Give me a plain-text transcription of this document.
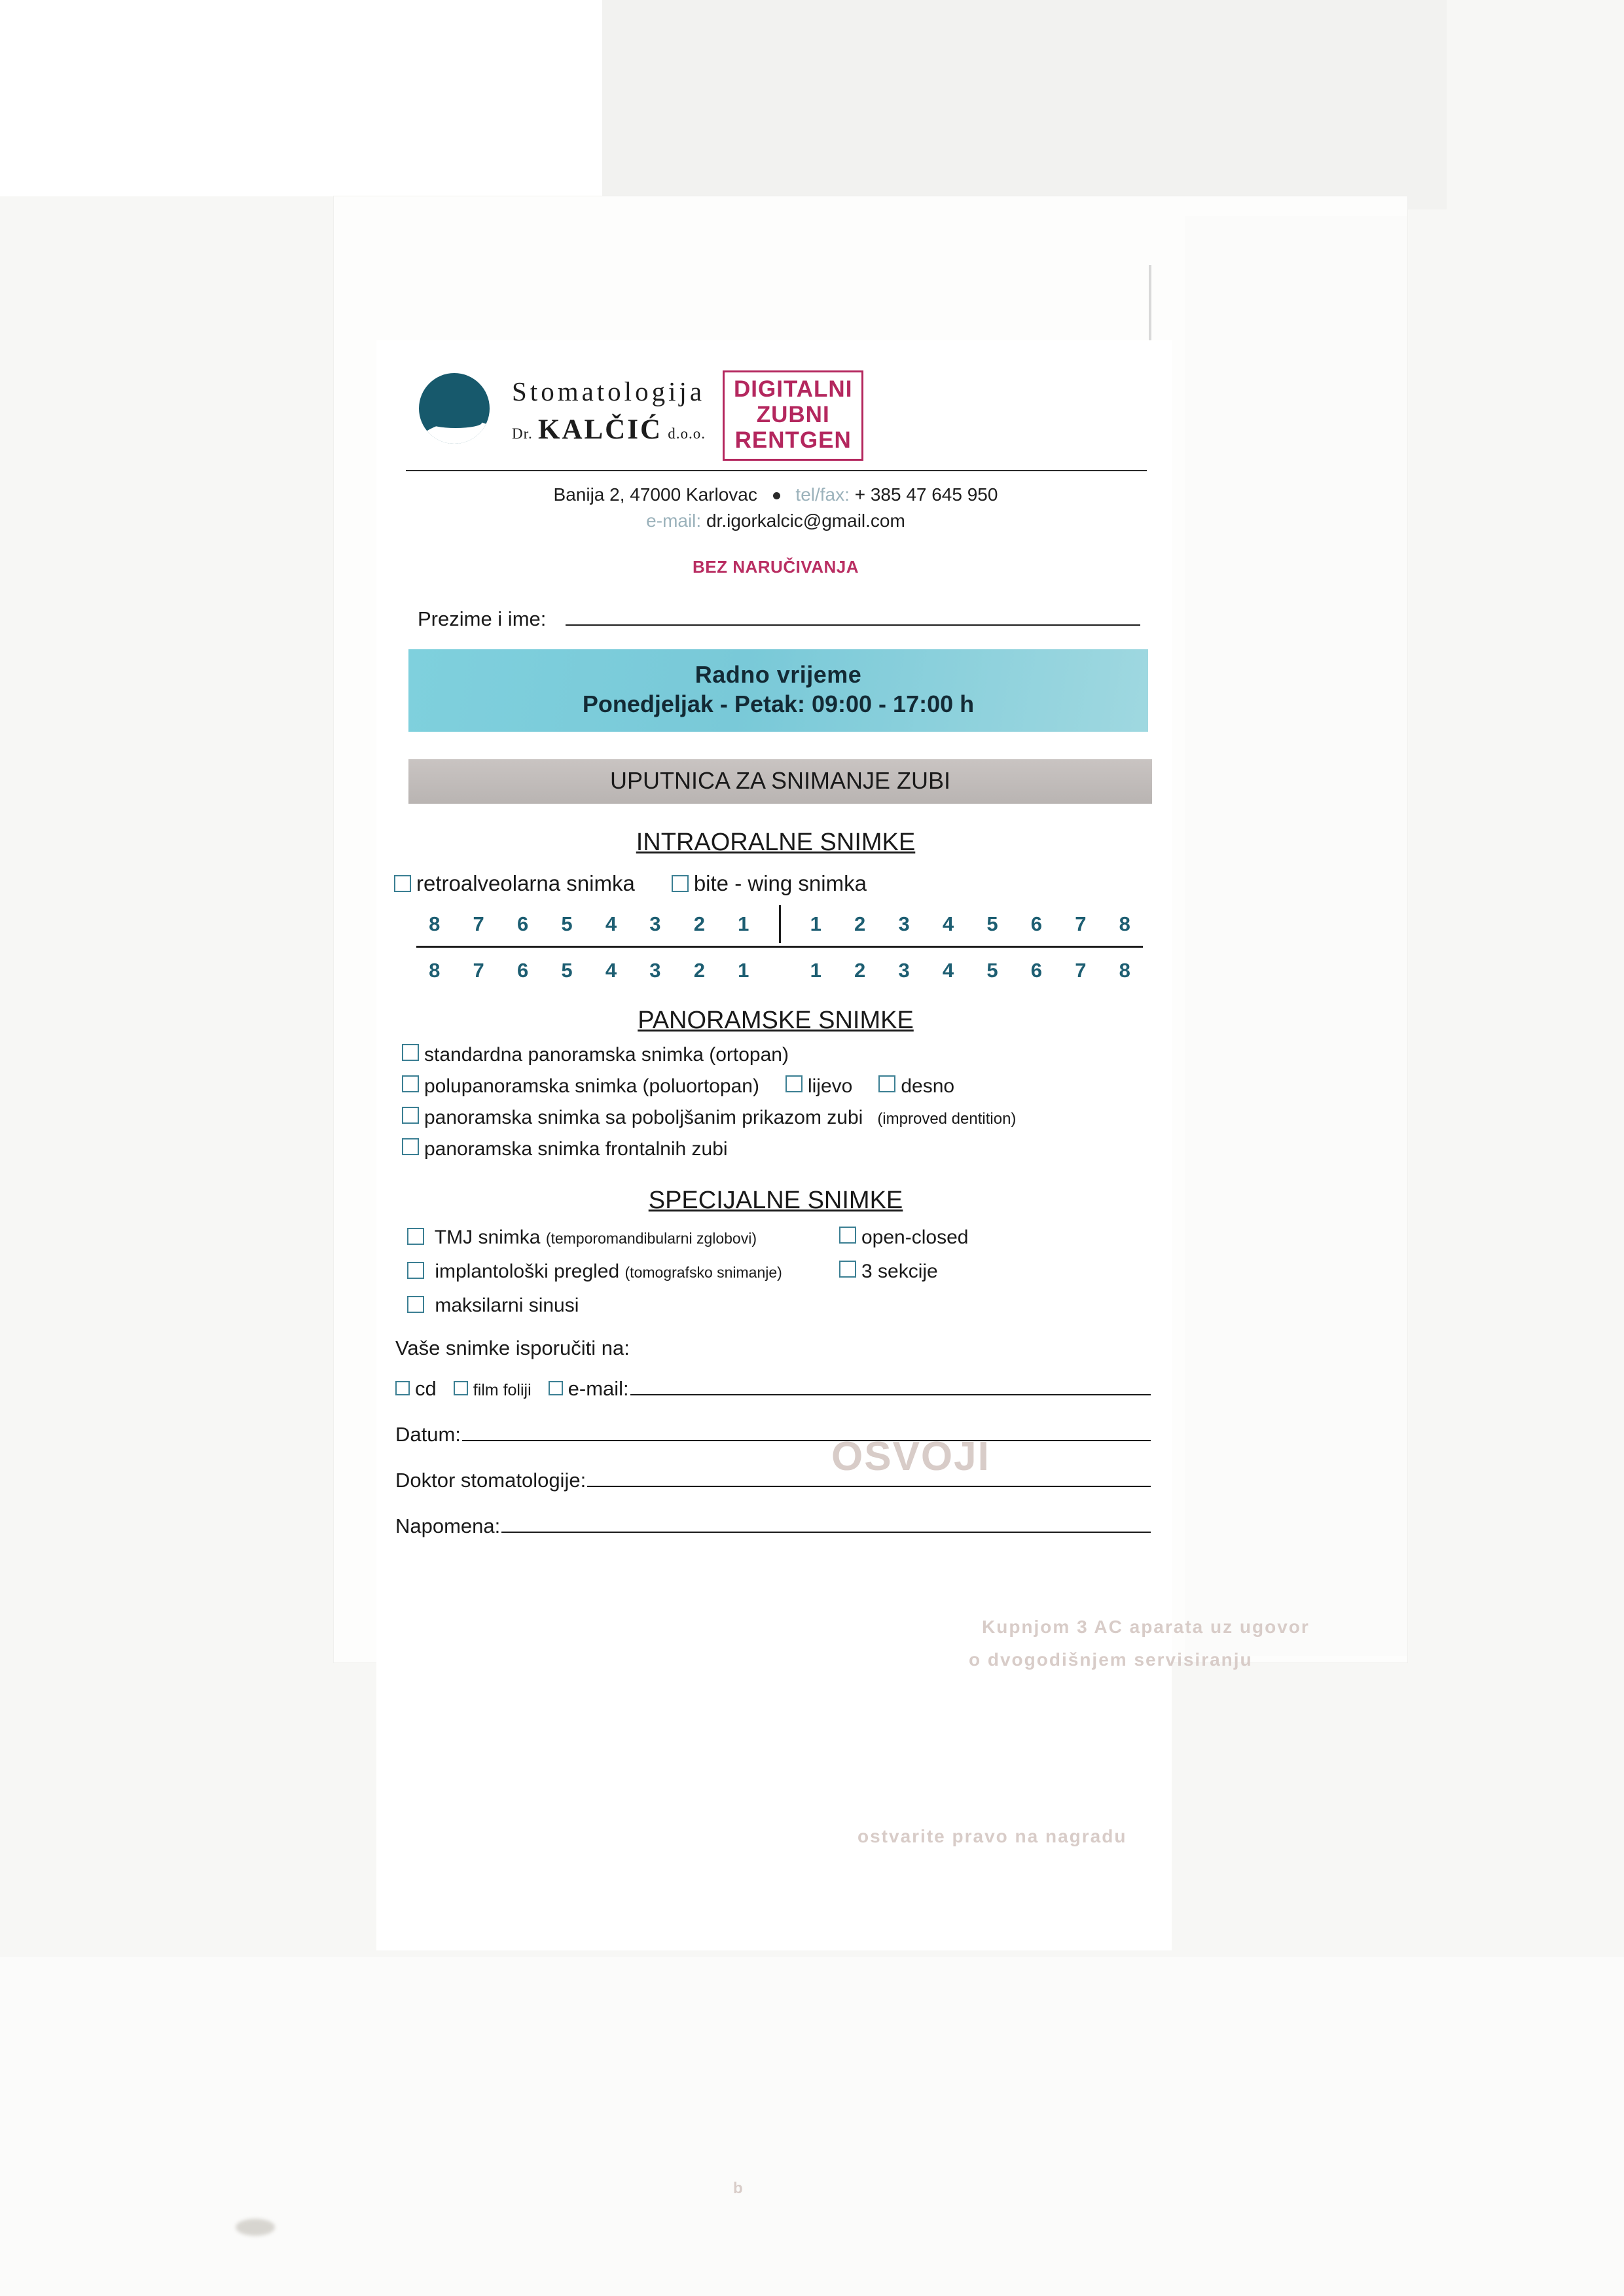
OSVOJI
Kupnjom 3 AC aparata uz ugovor
o dvogodišnjem servisiranju
ostvarite pravo na nagradu
b
Stomatologija
Dr. KALČIĆ d.o.o.
DIGITALNI
ZUBNI
RENTGEN
Banija 2, 47000 Karlovac tel/fax: + 385 47 645 950
e-mail: dr.igorkalcic@gmail.com
BEZ NARUČIVANJA
Prezime i ime:
Radno vrijeme
Ponedjeljak - Petak: 09:00 - 17:00 h
UPUTNICA ZA SNIMANJE ZUBI
INTRAORALNE SNIMKE
retroalveolarna snimka	bite - wing snimka
8 7 6 5 4 3 2 1	1 2 3 4 5 6 7 8
8 7 6 5 4 3 2 1	1 2 3 4 5 6 7 8
PANORAMSKE SNIMKE
standardna panoramska snimka (ortopan)
polupanoramska snimka (poluortopan) lijevo desno
panoramska snimka sa poboljšanim prikazom zubi (improved dentition)
panoramska snimka frontalnih zubi
SPECIJALNE SNIMKE
TMJ snimka (temporomandibularni zglobovi)	open-closed
implantološki pregled (tomografsko snimanje)	3 sekcije
maksilarni sinusi
Vaše snimke isporučiti na:
cd film foliji e-mail:
Datum:
Doktor stomatologije:
Napomena:
